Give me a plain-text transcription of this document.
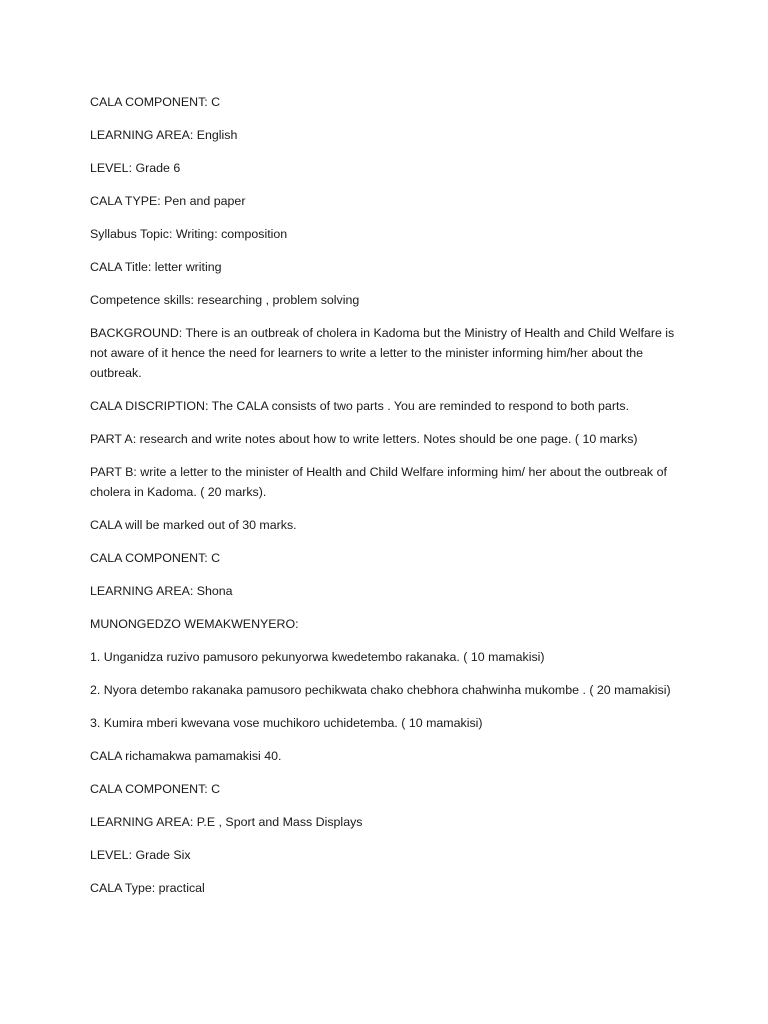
CALA COMPONENT: C

LEARNING AREA: English

LEVEL: Grade 6

CALA TYPE: Pen and paper

Syllabus Topic: Writing: composition

CALA Title: letter writing

Competence skills: researching , problem solving

BACKGROUND: There is an outbreak of cholera in Kadoma but the Ministry of Health and Child Welfare is not aware of it hence the need for learners to write a letter to the minister informing him/her about the outbreak.

CALA DISCRIPTION: The CALA consists of two parts . You are reminded to respond to both parts.

PART A: research and write notes about how to write letters. Notes should be one page. ( 10 marks)

PART B: write a letter to the minister of Health and Child Welfare informing him/ her about the outbreak of cholera in Kadoma. ( 20 marks).

CALA will be marked out of 30 marks.

CALA COMPONENT: C

LEARNING AREA: Shona

MUNONGEDZO WEMAKWENYERO:

1. Unganidza ruzivo pamusoro pekunyorwa kwedetembo rakanaka. ( 10 mamakisi)

2. Nyora detembo rakanaka pamusoro pechikwata chako chebhora chahwinha mukombe . ( 20 mamakisi)

3. Kumira mberi kwevana vose muchikoro uchidetemba. ( 10 mamakisi)

CALA richamakwa pamamakisi 40.

CALA COMPONENT: C

LEARNING AREA: P.E , Sport and Mass Displays

LEVEL: Grade Six

CALA Type: practical
